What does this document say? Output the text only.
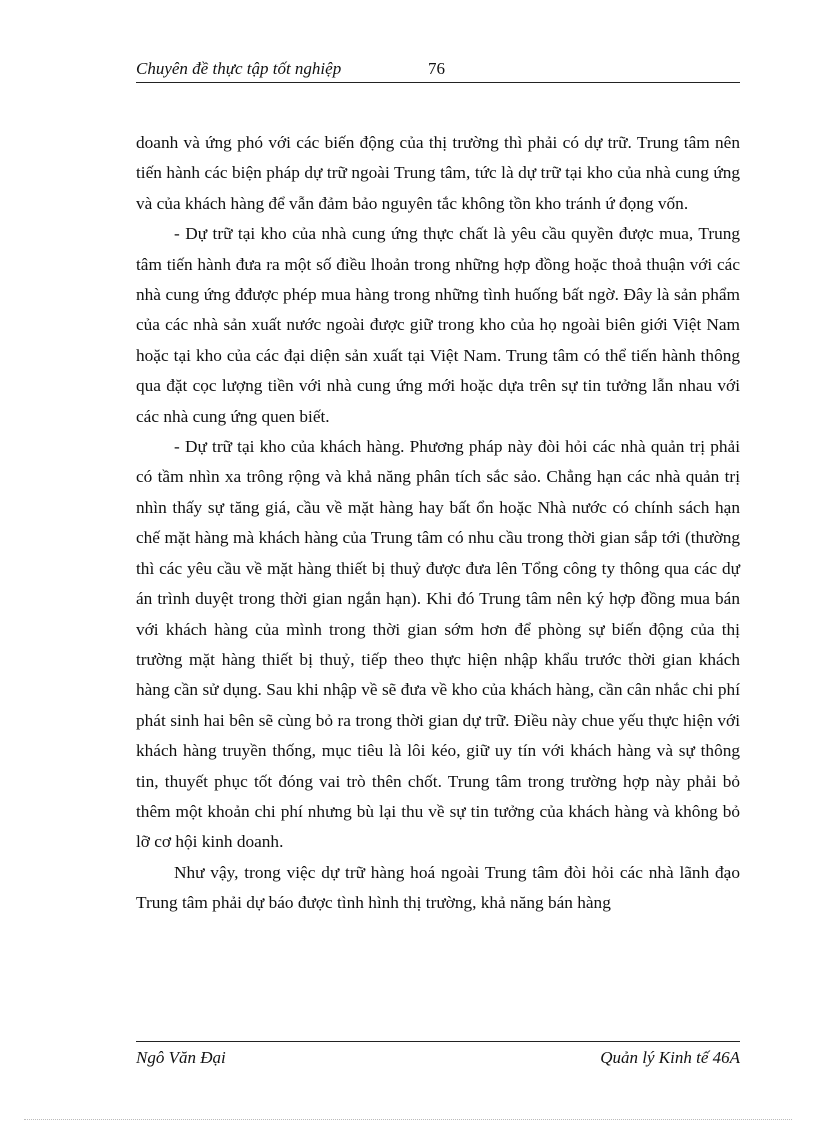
Chuyên đề thực tập tốt nghiệp	76

doanh và ứng phó với các biến động của thị trường thì phải có dự trữ. Trung tâm nên tiến hành các biện pháp dự trữ ngoài Trung tâm, tức là dự trữ tại kho của nhà cung ứng và của khách hàng để vẫn đảm bảo nguyên tắc không tồn kho tránh ứ đọng vốn.

- Dự trữ tại kho của nhà cung ứng thực chất là yêu cầu quyền được mua, Trung tâm tiến hành đưa ra một số điều lhoản trong những hợp đồng hoặc thoả thuận với các nhà cung ứng đđược phép mua hàng trong những tình huống bất ngờ. Đây là sản phẩm của các nhà sản xuất nước ngoài được giữ trong kho của họ ngoài biên giới Việt Nam hoặc tại kho của các đại diện sản xuất tại Việt Nam. Trung tâm có thể tiến hành thông qua đặt cọc lượng tiền với nhà cung ứng mới hoặc dựa trên sự tin tưởng lẫn nhau với các nhà cung ứng quen biết.

- Dự trữ tại kho của khách hàng. Phương pháp này đòi hỏi các nhà quản trị phải có tầm nhìn xa trông rộng và khả năng phân tích sắc sảo. Chẳng hạn các nhà quản trị nhìn thấy sự tăng giá, cầu về mặt hàng hay bất ổn hoặc Nhà nước có chính sách hạn chế mặt hàng mà khách hàng của Trung tâm có nhu cầu trong thời gian sắp tới (thường thì các yêu cầu về mặt hàng thiết bị thuỷ được đưa lên Tổng công ty thông qua các dự án trình duyệt trong thời gian ngắn hạn). Khi đó Trung tâm nên ký hợp đồng mua bán với khách hàng của mình trong thời gian sớm hơn để phòng sự biến động của thị trường mặt hàng thiết bị thuỷ, tiếp theo thực hiện nhập khẩu trước thời gian khách hàng cần sử dụng. Sau khi nhập về sẽ đưa về kho của khách hàng, cần cân nhắc chi phí phát sinh hai bên sẽ cùng bỏ ra trong thời gian dự trữ. Điều này chue yếu thực hiện với khách hàng truyền thống, mục tiêu là lôi kéo, giữ uy tín với khách hàng và sự thông tin, thuyết phục tốt đóng vai trò thên chốt. Trung tâm trong trường hợp này phải bỏ thêm một khoản chi phí nhưng bù lại thu về sự tin tưởng của khách hàng và không bỏ lỡ cơ hội kinh doanh.

Như vậy, trong việc dự trữ hàng hoá ngoài Trung tâm đòi hỏi các nhà lãnh đạo Trung tâm phải dự báo được tình hình thị trường, khả năng bán hàng

Ngô Văn Đại	Quản lý Kinh tế 46A
